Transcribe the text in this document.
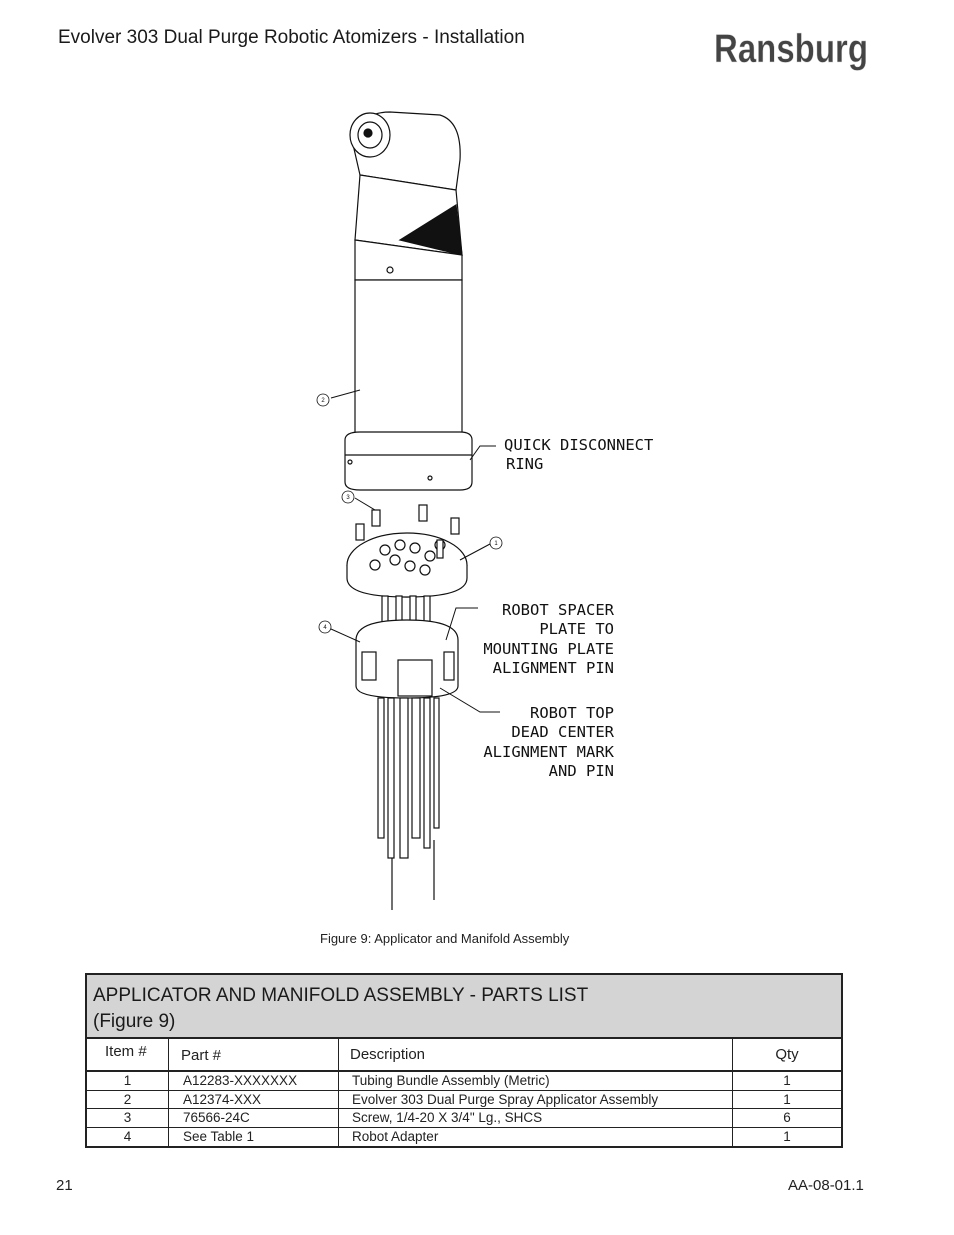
Evolver 303 Dual Purge Robotic Atomizers - Installation	Ransburg
2
3
1
4
QUICK DISCONNECT
RING
ROBOT SPACER
PLATE TO
MOUNTING PLATE
ALIGNMENT PIN
ROBOT TOP
DEAD CENTER
ALIGNMENT MARK
AND PIN
Figure 9: Applicator and Manifold Assembly
APPLICATOR AND MANIFOLD ASSEMBLY - PARTS LIST
(Figure 9)
Item #	Part #	Description	Qty
1	A12283-XXXXXXX	Tubing Bundle Assembly (Metric)	1
2	A12374-XXX	Evolver 303 Dual Purge Spray Applicator Assembly	1
3	76566-24C	Screw, 1/4-20 X 3/4" Lg., SHCS	6
4	See Table 1	Robot Adapter	1
21	AA-08-01.1
